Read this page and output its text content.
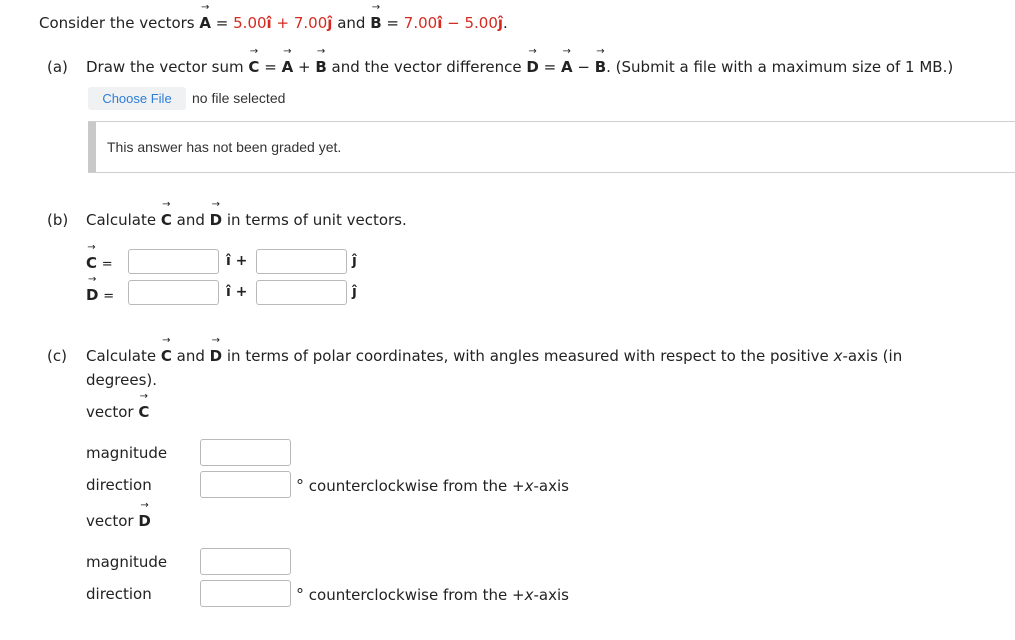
Consider the vectors → A = 5.00î + 7.00ĵ and → B = 7.00î − 5.00ĵ.
(a) Draw the vector sum → C = → A + → B and the vector difference → D = → A − → B. (Submit a file with a maximum size of 1 MB.)
Choose File	no file selected
This answer has not been graded yet.
(b) Calculate → C and → D in terms of unit vectors.
→ C =	î +	ĵ
→ D =	î +	ĵ
(c) Calculate → C and → D in terms of polar coordinates, with angles measured with respect to the positive x-axis (in
degrees).
vector → C
magnitude
direction	° counterclockwise from the +x-axis
vector → D
magnitude
direction	° counterclockwise from the +x-axis
